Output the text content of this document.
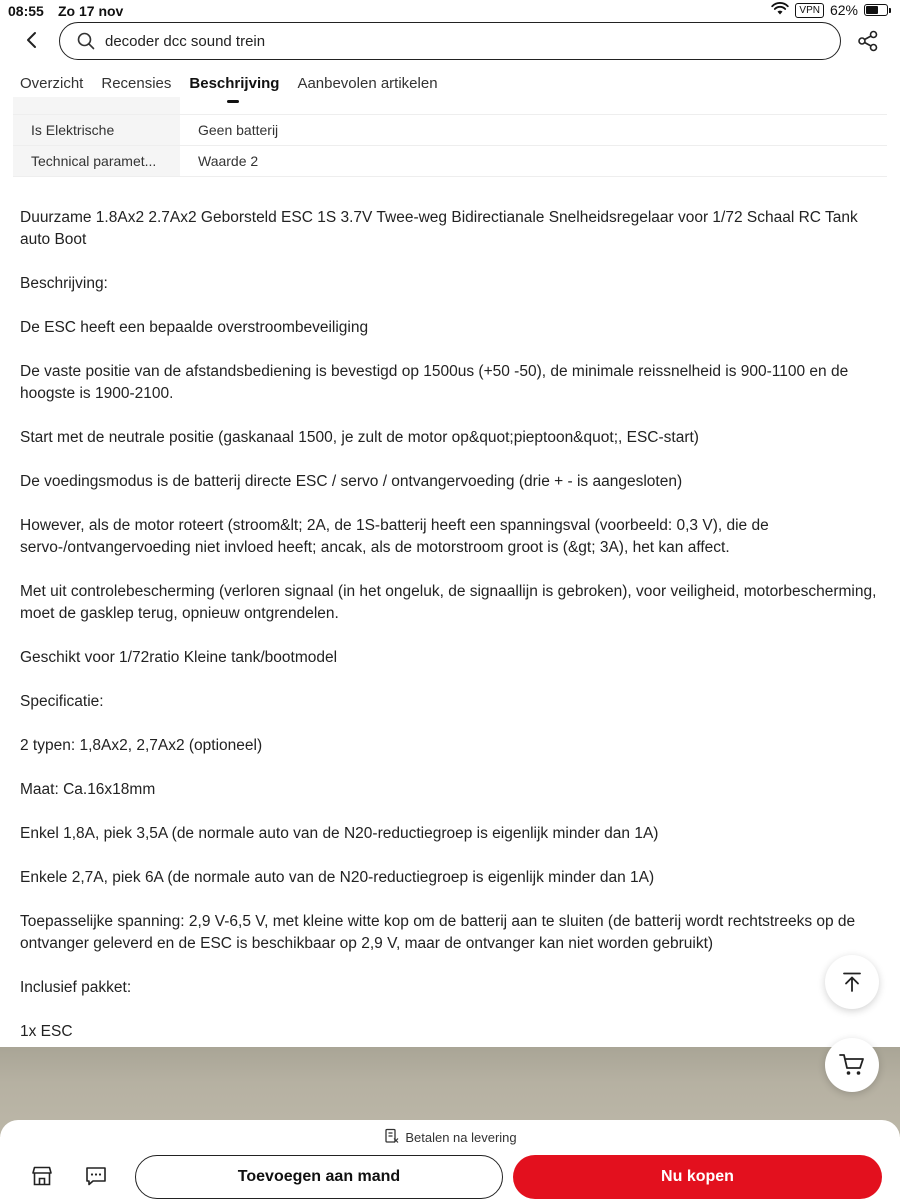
08:55 Zo 17 nov	VPN 62%
decoder dcc sound trein
Overzicht Recensies Beschrijving Aanbevolen artikelen
Is Elektrische	Geen batterij
Technical paramet...	Waarde 2

Duurzame 1.8Ax2 2.7Ax2 Geborsteld ESC 1S 3.7V Twee-weg Bidirectianale Snelheidsregelaar voor 1/72 Schaal RC Tank auto Boot

Beschrijving:

De ESC heeft een bepaalde overstroombeveiliging

De vaste positie van de afstandsbediening is bevestigd op 1500us (+50 -50), de minimale reissnelheid is 900-1100 en de hoogste is 1900-2100.

Start met de neutrale positie (gaskanaal 1500, je zult de motor op&quot;pieptoon&quot;, ESC-start)

De voedingsmodus is de batterij directe ESC / servo / ontvangervoeding (drie + - is aangesloten)

However, als de motor roteert (stroom&lt; 2A, de 1S-batterij heeft een spanningsval (voorbeeld: 0,3 V), die de servo-/ontvangervoeding niet invloed heeft; ancak, als de motorstroom groot is (&gt; 3A), het kan affect.

Met uit controlebescherming (verloren signaal (in het ongeluk, de signaallijn is gebroken), voor veiligheid, motorbescherming, moet de gasklep terug, opnieuw ontgrendelen.

Geschikt voor 1/72ratio Kleine tank/bootmodel

Specificatie:

2 typen: 1,8Ax2, 2,7Ax2 (optioneel)

Maat: Ca.16x18mm

Enkel 1,8A, piek 3,5A (de normale auto van de N20-reductiegroep is eigenlijk minder dan 1A)

Enkele 2,7A, piek 6A (de normale auto van de N20-reductiegroep is eigenlijk minder dan 1A)

Toepasselijke spanning: 2,9 V-6,5 V, met kleine witte kop om de batterij aan te sluiten (de batterij wordt rechtstreeks op de ontvanger geleverd en de ESC is beschikbaar op 2,9 V, maar de ontvanger kan niet worden gebruikt)

Inclusief pakket:

1x ESC

Betalen na levering
Toevoegen aan mand	Nu kopen
